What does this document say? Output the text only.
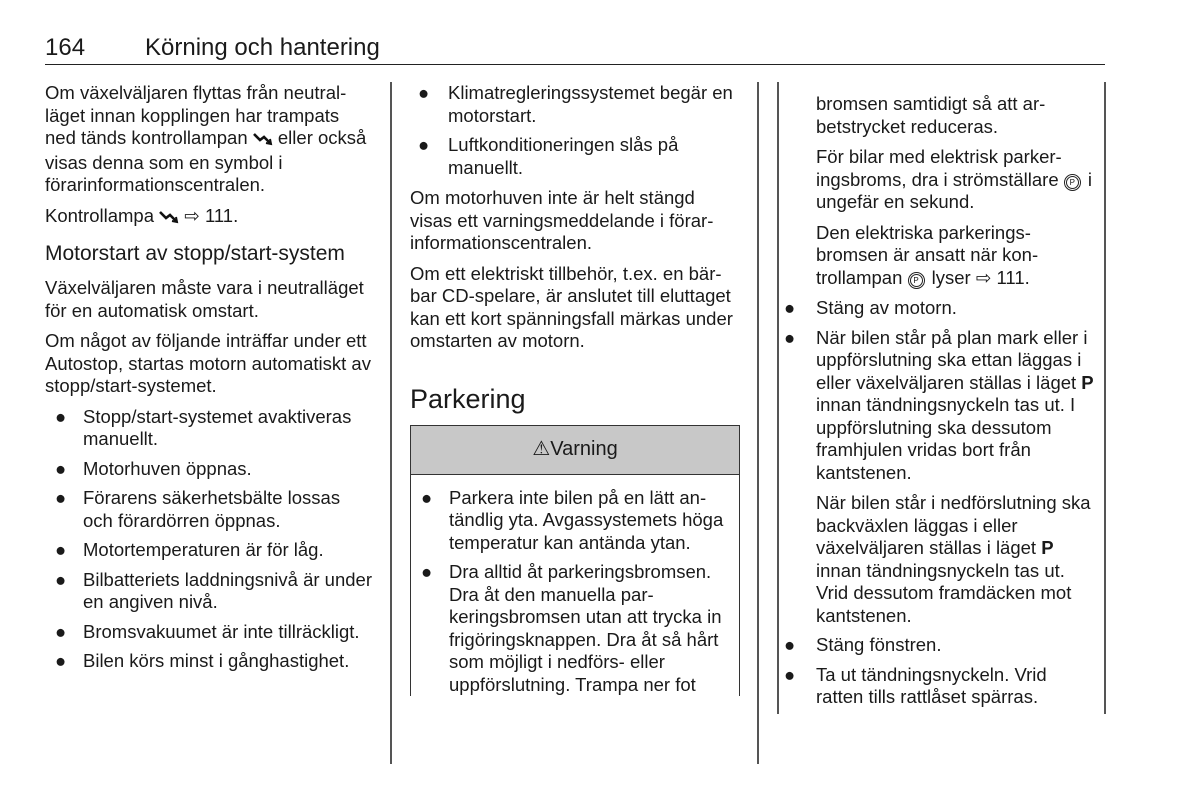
164 Körning och hantering

Om växelväljaren flyttas från neutralläget innan kopplingen har trampats ned tänds kontrollampan  eller också visas denna som en symbol i förarinformationscentralen.

Kontrollampa  ⇨ 111.

Motorstart av stopp/start-system

Växelväljaren måste vara i neutralläget för en automatisk omstart.

Om något av följande inträffar under ett Autostop, startas motorn automatiskt av stopp/start-systemet.

● Stopp/start-systemet avaktiveras manuellt.
● Motorhuven öppnas.
● Förarens säkerhetsbälte lossas och förardörren öppnas.
● Motortemperaturen är för låg.
● Bilbatteriets laddningsnivå är under en angiven nivå.
● Bromsvakuumet är inte tillräckligt.
● Bilen körs minst i gånghastighet.
● Klimatregleringssystemet begär en motorstart.
● Luftkonditioneringen slås på manuellt.

Om motorhuven inte är helt stängd visas ett varningsmeddelande i förarinformationscentralen.

Om ett elektriskt tillbehör, t.ex. en bärbar CD-spelare, är anslutet till eluttaget kan ett kort spänningsfall märkas under omstarten av motorn.

Parkering
⚠ Varning
● Parkera inte bilen på en lätt antändlig yta. Avgassystemets höga temperatur kan antända ytan.
● Dra alltid åt parkeringsbromsen. Dra åt den manuella parkeringsbromsen utan att trycka in frigöringsknappen. Dra åt så hårt som möjligt i nedförs- eller uppförslutning. Trampa ner fot

bromsen samtidigt så att arbetstrycket reduceras.

För bilar med elektrisk parkeringsbroms, dra i strömställare P i ungefär en sekund.

Den elektriska parkeringsbromsen är ansatt när kontrollampan P lyser ⇨ 111.

● Stäng av motorn.
● När bilen står på plan mark eller i uppförslutning ska ettan läggas i eller växelväljaren ställas i läget P innan tändningsnyckeln tas ut. I uppförslutning ska dessutom framhjulen vridas bort från kantstenen.
När bilen står i nedförslutning ska backväxlen läggas i eller växelväljaren ställas i läget P innan tändningsnyckeln tas ut. Vrid dessutom framdäcken mot kantstenen.
● Stäng fönstren.
● Ta ut tändningsnyckeln. Vrid ratten tills rattlåset spärras.
